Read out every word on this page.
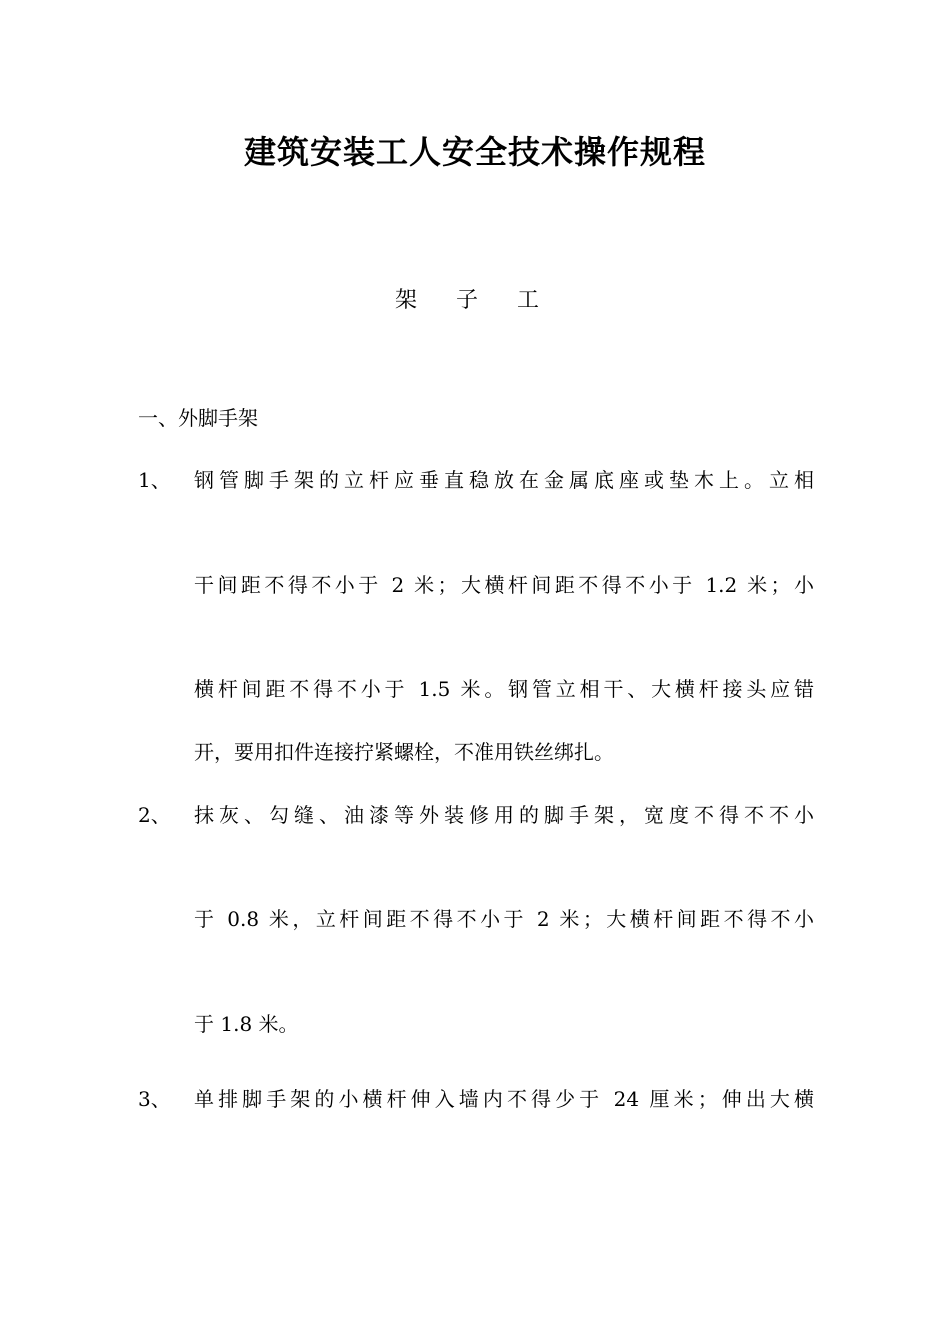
建筑安装工人安全技术操作规程
架 子 工
一、外脚手架
1、 钢管脚手架的立杆应垂直稳放在金属底座或垫木上。立相
干间距不得不小于 2 米；大横杆间距不得不小于 1.2 米；小
横杆间距不得不小于 1.5 米。钢管立相干、大横杆接头应错
开，要用扣件连接拧紧螺栓，不准用铁丝绑扎。
2、 抹灰、勾缝、油漆等外装修用的脚手架，宽度不得不不小
于 0.8 米，立杆间距不得不小于 2 米；大横杆间距不得不小
于 1.8 米。
3、 单排脚手架的小横杆伸入墙内不得少于 24 厘米；伸出大横
